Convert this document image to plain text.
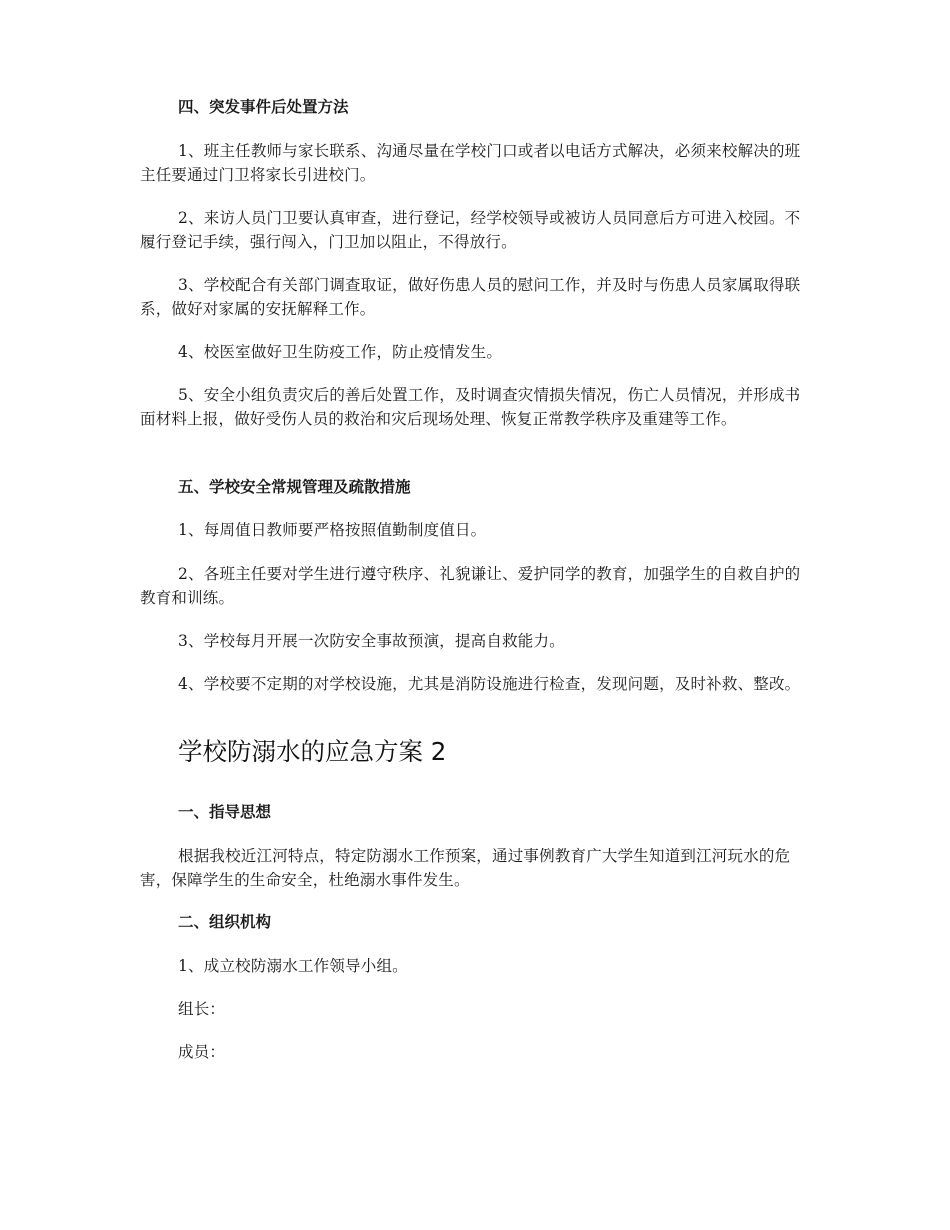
四、突发事件后处置方法
1、班主任教师与家长联系、沟通尽量在学校门口或者以电话方式解决，必须来校解决的班主任要通过门卫将家长引进校门。
2、来访人员门卫要认真审查，进行登记，经学校领导或被访人员同意后方可进入校园。不履行登记手续，强行闯入，门卫加以阻止，不得放行。
3、学校配合有关部门调查取证，做好伤患人员的慰问工作，并及时与伤患人员家属取得联系，做好对家属的安抚解释工作。
4、校医室做好卫生防疫工作，防止疫情发生。
5、安全小组负责灾后的善后处置工作，及时调查灾情损失情况，伤亡人员情况，并形成书面材料上报，做好受伤人员的救治和灾后现场处理、恢复正常教学秩序及重建等工作。
五、学校安全常规管理及疏散措施
1、每周值日教师要严格按照值勤制度值日。
2、各班主任要对学生进行遵守秩序、礼貌谦让、爱护同学的教育，加强学生的自救自护的教育和训练。
3、学校每月开展一次防安全事故预演，提高自救能力。
4、学校要不定期的对学校设施，尤其是消防设施进行检查，发现问题，及时补救、整改。
学校防溺水的应急方案 2
一、指导思想
根据我校近江河特点，特定防溺水工作预案，通过事例教育广大学生知道到江河玩水的危害，保障学生的生命安全，杜绝溺水事件发生。
二、组织机构
1、成立校防溺水工作领导小组。
组长：
成员：
